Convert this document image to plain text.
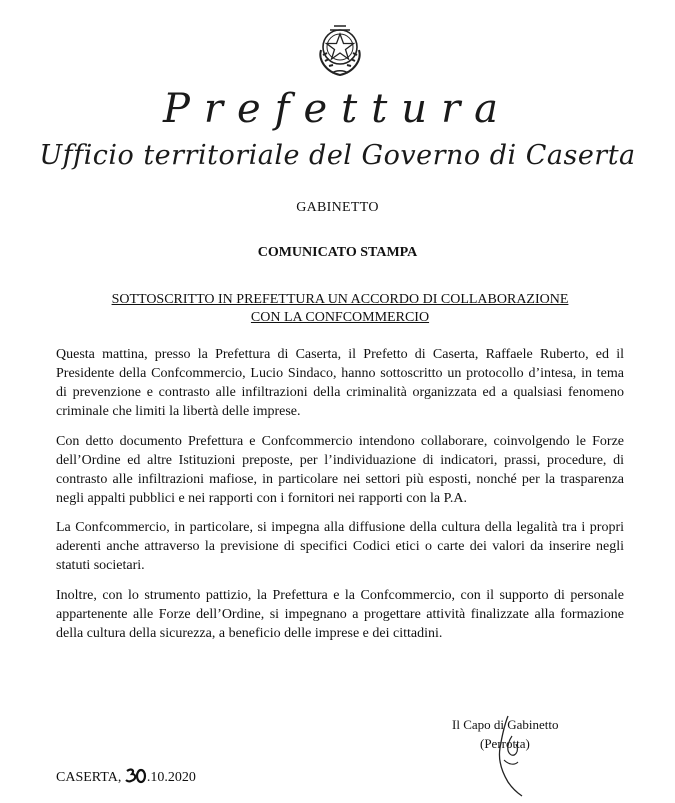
Prefettura
Ufficio territoriale del Governo di Caserta
GABINETTO
COMUNICATO STAMPA
SOTTOSCRITTO IN PREFETTURA UN ACCORDO DI COLLABORAZIONE
CON LA CONFCOMMERCIO

Questa mattina, presso la Prefettura di Caserta, il Prefetto di Caserta, Raffaele Ruberto, ed il Presidente della Confcommercio, Lucio Sindaco, hanno sottoscritto un protocollo d’intesa, in tema di prevenzione e contrasto alle infiltrazioni della criminalità organizzata ed a qualsiasi fenomeno criminale che limiti la libertà delle imprese.

Con detto documento Prefettura e Confcommercio intendono collaborare, coinvolgendo le Forze dell’Ordine ed altre Istituzioni preposte, per l’individuazione di indicatori, prassi, procedure, di contrasto alle infiltrazioni mafiose, in particolare nei settori più esposti, nonché per la trasparenza negli appalti pubblici e nei rapporti con i fornitori nei rapporti con la P.A.

La Confcommercio, in particolare, si impegna alla diffusione della cultura della legalità tra i propri aderenti anche attraverso la previsione di specifici Codici etici o carte dei valori da inserire negli statuti societari.

Inoltre, con lo strumento pattizio, la Prefettura e la Confcommercio, con il supporto di personale appartenente alle Forze dell’Ordine, si impegnano a progettare attività finalizzate alla formazione della cultura della sicurezza, a beneficio delle imprese e dei cittadini.

Il Capo di Gabinetto
(Perrotta)
CASERTA, .10.2020
